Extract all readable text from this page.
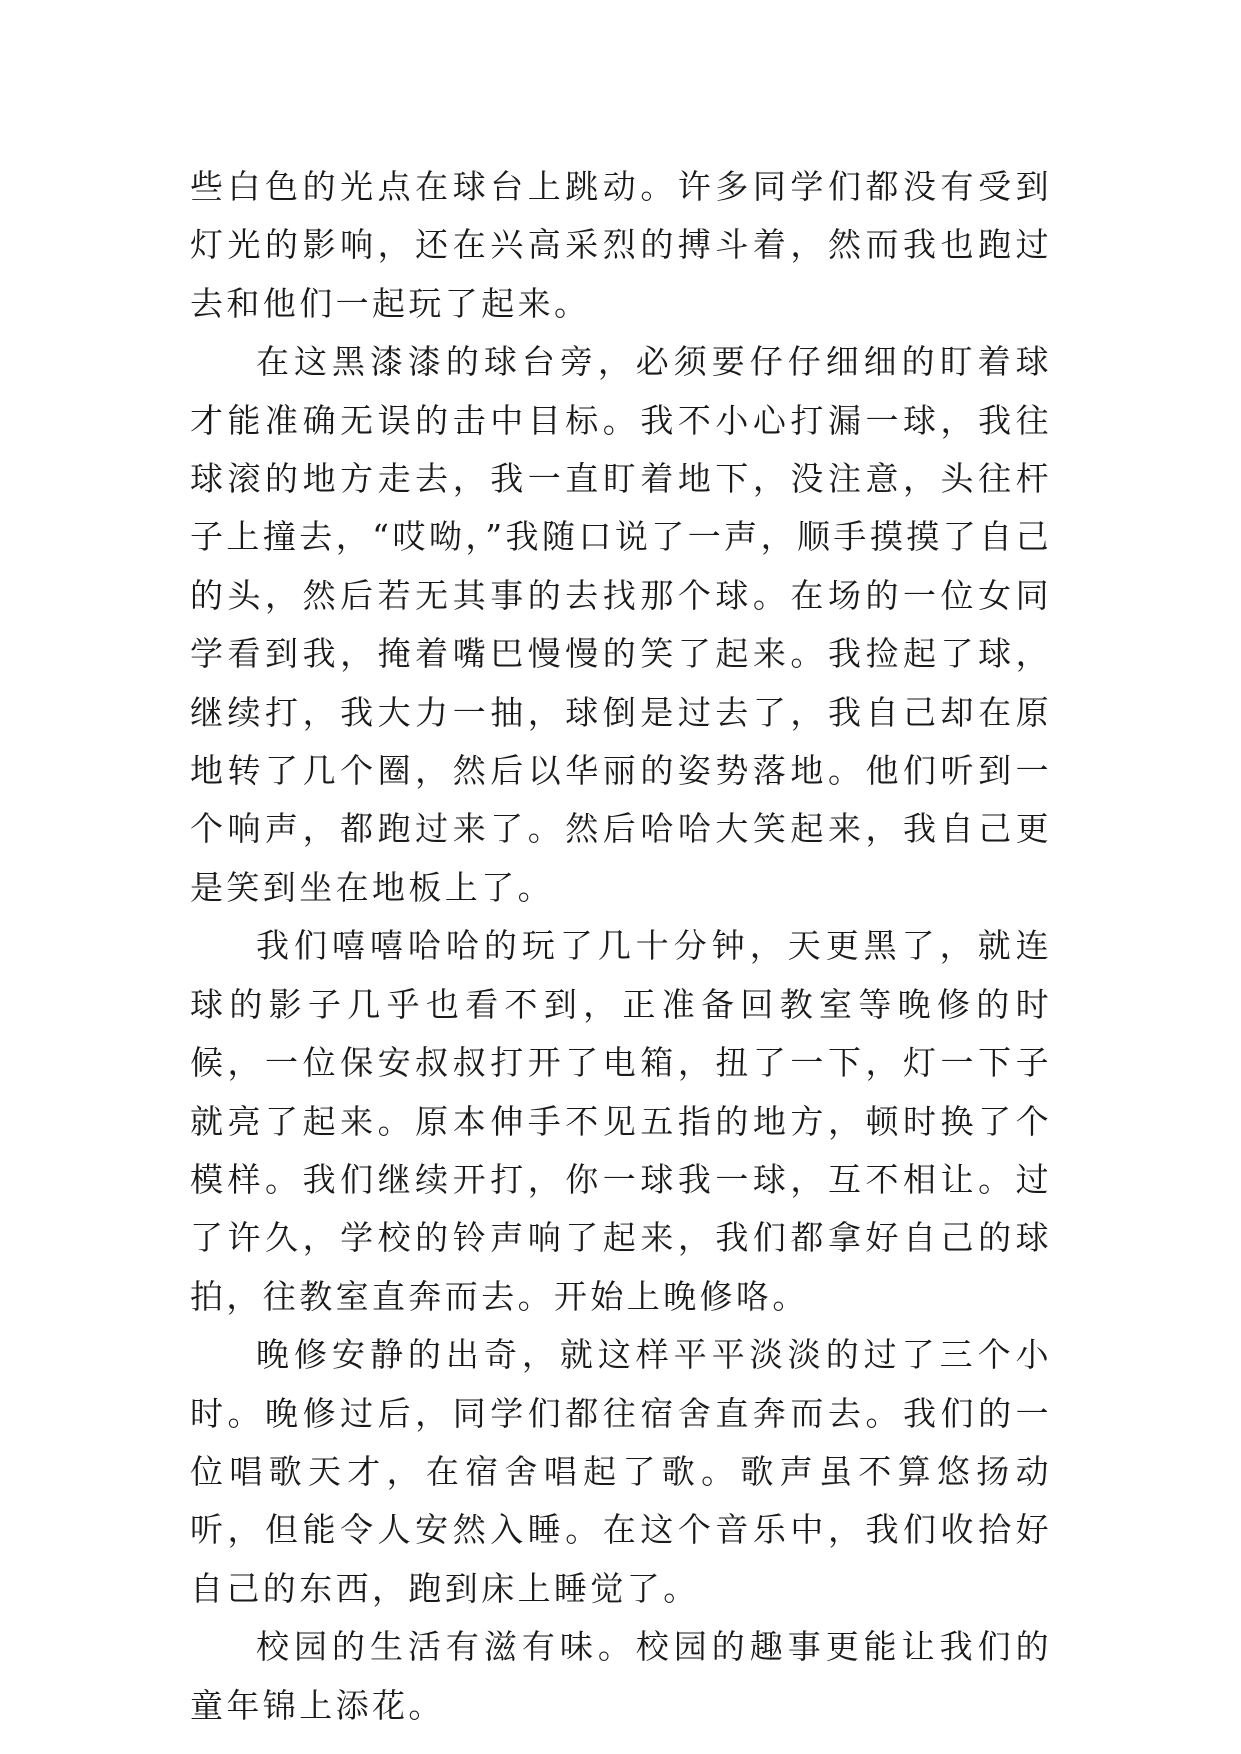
些白色的光点在球台上跳动。许多同学们都没有受到灯光的影响，还在兴高采烈的搏斗着，然而我也跑过去和他们一起玩了起来。

在这黑漆漆的球台旁，必须要仔仔细细的盯着球才能准确无误的击中目标。我不小心打漏一球，我往球滚的地方走去，我一直盯着地下，没注意，头往杆子上撞去，“哎呦，”我随口说了一声，顺手摸摸了自己的头，然后若无其事的去找那个球。在场的一位女同学看到我，掩着嘴巴慢慢的笑了起来。我捡起了球，继续打，我大力一抽，球倒是过去了，我自己却在原地转了几个圈，然后以华丽的姿势落地。他们听到一个响声，都跑过来了。然后哈哈大笑起来，我自己更是笑到坐在地板上了。

我们嘻嘻哈哈的玩了几十分钟，天更黑了，就连球的影子几乎也看不到，正准备回教室等晚修的时候，一位保安叔叔打开了电箱，扭了一下，灯一下子就亮了起来。原本伸手不见五指的地方，顿时换了个模样。我们继续开打，你一球我一球，互不相让。过了许久，学校的铃声响了起来，我们都拿好自己的球拍，往教室直奔而去。开始上晚修咯。

晚修安静的出奇，就这样平平淡淡的过了三个小时。晚修过后，同学们都往宿舍直奔而去。我们的一位唱歌天才，在宿舍唱起了歌。歌声虽不算悠扬动听，但能令人安然入睡。在这个音乐中，我们收拾好自己的东西，跑到床上睡觉了。

校园的生活有滋有味。校园的趣事更能让我们的童年锦上添花。
